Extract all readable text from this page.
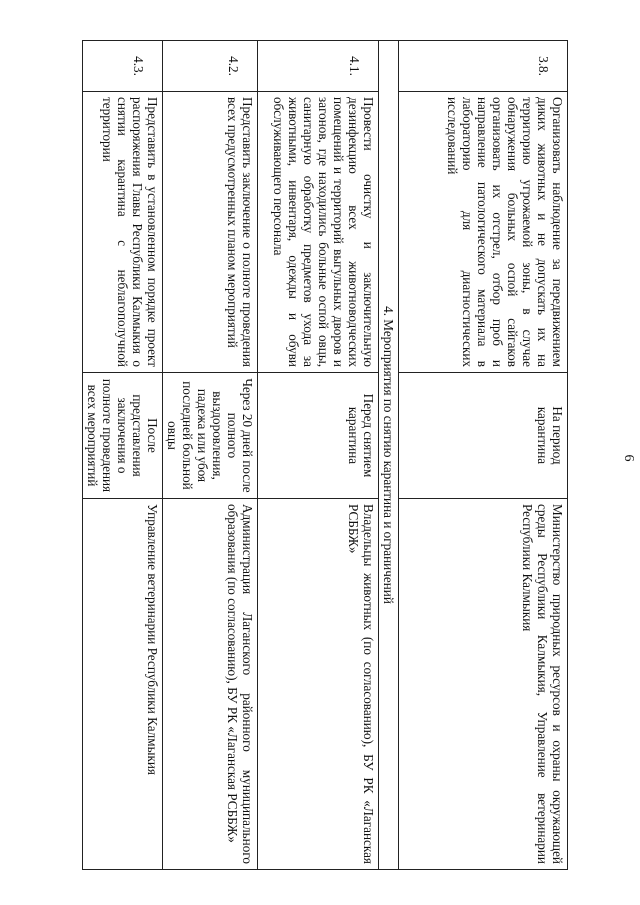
6
3.8.	Организовать наблюдение за передвижением диких животных и не допускать их на территорию угрожаемой зоны, в случае обнаружения больных оспой сайгаков организовать их отстрел, отбор проб и направление патологического материала в лабораторию для диагностических исследований	На период карантина	Министерство природных ресурсов и охраны окружающей среды Республики Калмыкия, Управление ветеринарии Республики Калмыкия
4. Мероприятия по снятию карантина и ограничений			
4.1.	Провести очистку и заключительную дезинфекцию всех животноводческих помещений и территорий выгульных дворов и загонов, где находились больные оспой овцы, санитарную обработку предметов ухода за животными, инвентаря, одежды и обуви обслуживающего персонала	Перед снятием карантина	Владельцы животных (по согласованию), БУ РК «Лаганская РСББЖ»
4.2.	Представить заключение о полноте проведения всех предусмотренных планом мероприятий	Через 20 дней после полного выздоровления, падежа или убоя последней больной овцы	Администрация Лаганского районного муниципального образования (по согласованию), БУ РК «Лаганская РСББЖ»
4.3.	Представить в установленном порядке проект распоряжения Главы Республики Калмыкия о снятии карантина с неблагополучной территории	После представления заключения о полноте проведения всех мероприятий	Управление ветеринарии Республики Калмыкия
